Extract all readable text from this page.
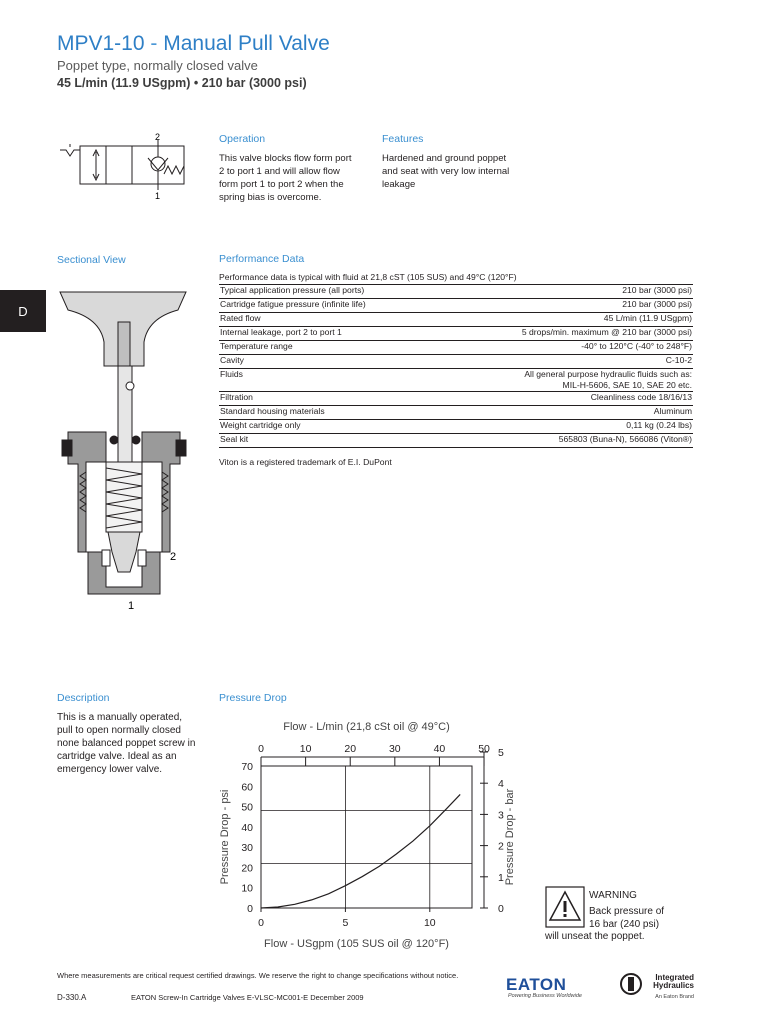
MPV1-10 - Manual Pull Valve
Poppet type, normally closed valve
45 L/min (11.9 USgpm) • 210 bar (3000 psi)
D
2
1
Operation
This valve blocks flow form port
2 to port 1 and will allow flow
form port 1 to port 2 when the
spring bias is overcome.
Features
Hardened and ground poppet
and seat with very low internal
leakage
Sectional View
2
1
Performance Data
Performance data is typical with fluid at 21,8 cST (105 SUS) and 49°C (120°F)
Typical application pressure (all ports)	210 bar (3000 psi)
Cartridge fatigue pressure (infinite life)	210 bar (3000 psi)
Rated flow	45 L/min (11.9 USgpm)
Internal leakage, port 2 to port 1	5 drops/min. maximum @ 210 bar (3000 psi)
Temperature range	-40° to 120°C (-40° to 248°F)
Cavity	C-10-2
Fluids	All general purpose hydraulic fluids such as:
MIL-H-5606, SAE 10, SAE 20 etc.

Filtration	Cleanliness code 18/16/13
Standard housing materials	Aluminum
Weight cartridge only	0,11 kg (0.24 lbs)
Seal kit	565803 (Buna-N), 566086 (Viton®)
Viton is a registered trademark of E.I. DuPont
Description
This is a manually operated,
pull to open normally closed
none balanced poppet screw in
cartridge valve. Ideal as an
emergency lower valve.
Pressure Drop
0	5	10
0	10	20	30	40	50
0
10
20
30
40
50
60
70
0
1
2
3
4
5
Flow - L/min (21,8 cSt oil @ 49°C)
Flow - USgpm (105 SUS oil @ 120°F)
Pressure Drop - psi	Pressure Drop - bar
WARNING
Back pressure of
16 bar (240 psi)
will unseat the poppet.
Where measurements are critical request certified drawings. We reserve the right to change specifications without notice.
D-330.A	EATON Screw-In Cartridge Valves E-VLSC-MC001-E December 2009
EATON
Powering Business Worldwide
Integrated
Hydraulics
An Eaton Brand
